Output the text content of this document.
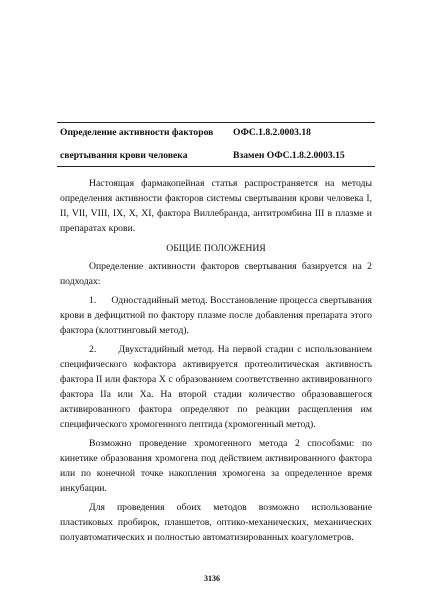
Определение активности факторов
свертывания крови человека
ОФС.1.8.2.0003.18
Взамен ОФС.1.8.2.0003.15

Настоящая фармакопейная статья распространяется на методы определения активности факторов системы свертывания крови человека I, II, VII, VIII, IX, X, XI, фактора Виллебранда, антитромбина III в плазме и препаратах крови.

ОБЩИЕ ПОЛОЖЕНИЯ

Определение активности факторов свертывания базируется на 2 подходах:

1.      Одностадийный метод. Восстановление процесса свертывания крови в дефицитной по фактору плазме после добавления препарата этого фактора (клоттинговый метод).

2.      Двухстадийный метод. На первой стадии с использованием специфического кофактора активируется протеолитическая активность фактора II или фактора X с образованием соответственно активированного фактора IIa или Xa. На второй стадии количество образовавшегося активированного фактора определяют по реакции расщепления им специфического хромогенного пептида (хромогенный метод).

Возможно проведение хромогенного метода 2 способами: по кинетике образования хромогена под действием активированного фактора или по конечной точке накопления хромогена за определенное время инкубации.

Для проведения обоих методов возможно использование пластиковых пробирок, планшетов, оптико-механических, механических полуавтоматических и полностью автоматизированных коагулометров.

3136
